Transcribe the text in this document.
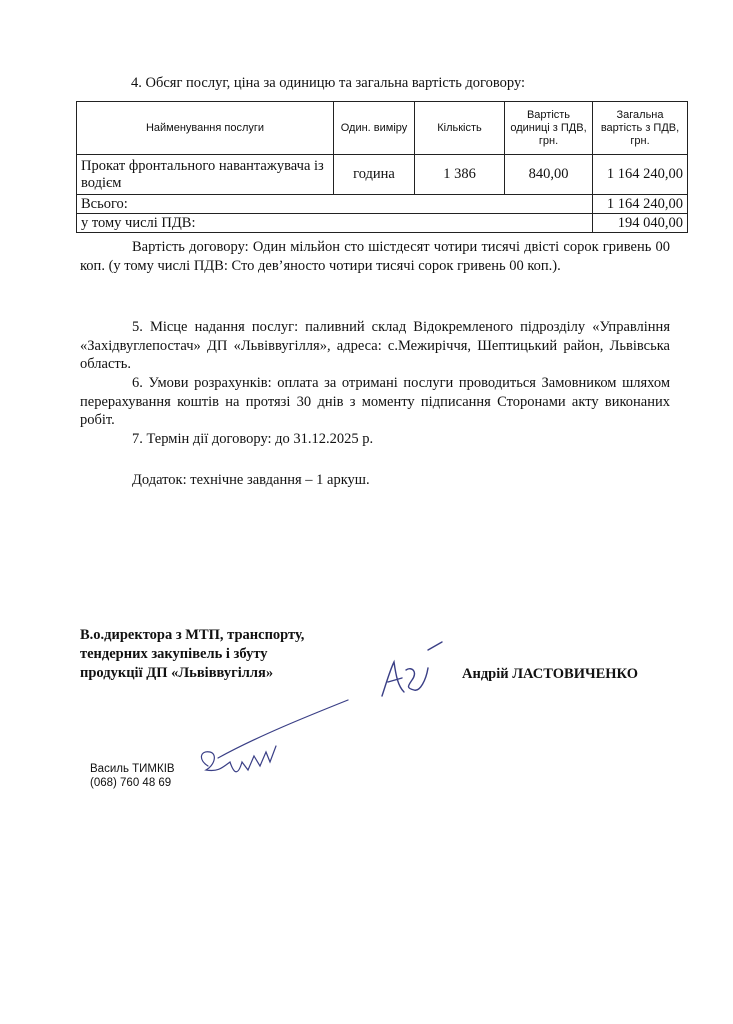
4. Обсяг послуг, ціна за одиницю та загальна вартість договору:
Найменування послуги	Один. виміру	Кількість	Вартість одиниці з ПДВ, грн.	Загальна вартість з ПДВ, грн.
Прокат фронтального навантажувача із водієм	година	1 386	840,00	1 164 240,00
Всього:				1 164 240,00
у тому числі ПДВ:				194 040,00
Вартість договору: Один мільйон сто шістдесят чотири тисячі двісті сорок гривень 00 коп. (у тому числі ПДВ: Сто дев’яносто чотири тисячі сорок гривень 00 коп.).
5. Місце надання послуг: паливний склад Відокремленого підрозділу «Управління «Західвуглепостач» ДП «Львіввугілля», адреса: с.Межиріччя, Шептицький район, Львівська область.
6. Умови розрахунків: оплата за отримані послуги проводиться Замовником шляхом перерахування коштів на протязі 30 днів з моменту підписання Сторонами акту виконаних робіт.
7. Термін дії договору: до 31.12.2025 р.
Додаток: технічне завдання – 1 аркуш.
В.о.директора з МТП, транспорту,
тендерних закупівель і збуту
продукції ДП «Львіввугілля»	Андрій ЛАСТОВИЧЕНКО
Василь ТИМКІВ
(068) 760 48 69
